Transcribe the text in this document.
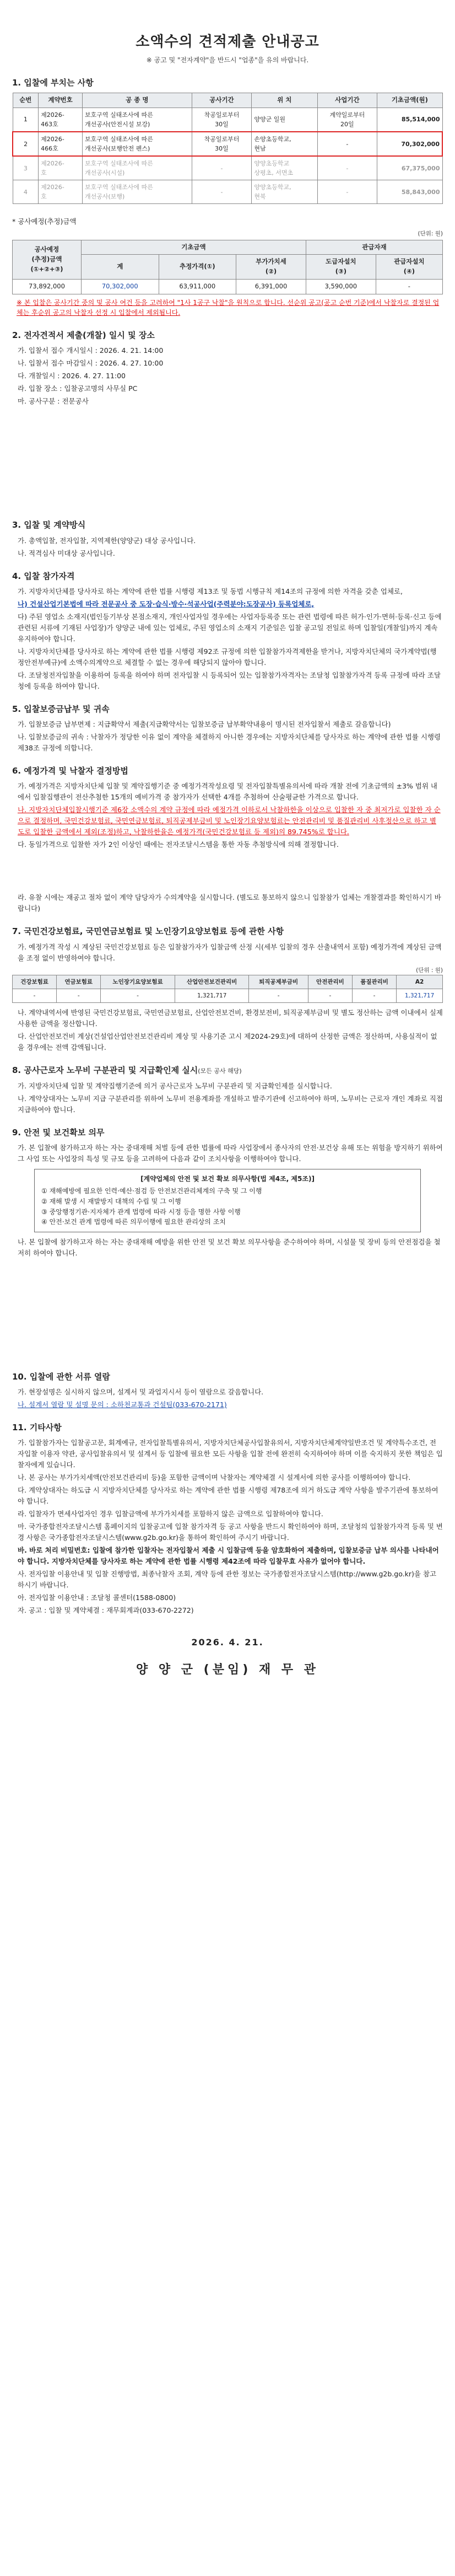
소액수의 견적제출 안내공고
※ 공고 및 "전자계약"을 반드시 "업종"을 유의 바랍니다.
1. 입찰에 부치는 사항
순번	계약번호	공 종 명	공사기간	위 치	사업기간	기초금액(원)
1	제2026-
463호	보호구역 실태조사에 따른
개선공사(안전시설 보강)	착공일로부터
30일	양양군 일원	계약일로부터
20일	85,514,000
2	제2026-
466호	보호구역 실태조사에 따른
개선공사(보행안전 펜스)	착공일로부터
30일	손양초등학교,
현남	-	70,302,000
3	제2026-
호	보호구역 실태조사에 따른
개선공사(시설)	-	양양초등학교
상평초, 서면초	-	67,375,000
4	제2026-
호	보호구역 실태조사에 따른
개선공사(보행)	-	양양초등학교,
현북	-	58,843,000
* 공사예정(추정)금액
(단위: 원)
공사예정
(추정)금액
(①+②+③)	기초금액			관급자재	
	계	추정가격(①)	부가가치세
(②)	도급자설치
(③)	관급자설치
(④)
73,892,000	70,302,000	63,911,000	6,391,000	3,590,000	-
※ 본 입찰은 공사기간 중의 및 공사 여건 등을 고려하여 "1사 1공구 낙찰"을 원칙으로 합니다. 선순위 공고(공고 순번 기준)에서 낙찰자로 결정된 업체는 후순위 공고의 낙찰자 선정 시 입찰에서 제외됩니다.
2. 전자견적서 제출(개찰) 일시 및 장소
가. 입찰서 접수 개시일시 : 2026. 4. 21. 14:00
나. 입찰서 접수 마감일시 : 2026. 4. 27. 10:00
다. 개찰일시 : 2026. 4. 27. 11:00
라. 입찰 장소 : 입찰공고명의 사무실 PC
마. 공사구분 : 전문공사
3. 입찰 및 계약방식
가. 총액입찰, 전자입찰, 지역제한(양양군) 대상 공사입니다.
나. 적격심사 미대상 공사입니다.
4. 입찰 참가자격
가. 지방자치단체를 당사자로 하는 계약에 관한 법률 시행령 제13조 및 동법 시행규칙 제14조의 규정에 의한 자격을 갖춘 업체로,
나) 건설산업기본법에 따라 전문공사 중 도장·습식·방수·석공사업(주력분야:도장공사) 등록업체로,
다) 주된 영업소 소재지(법인등기부상 본점소재지, 개인사업자일 경우에는 사업자등록증 또는 관련 법령에 따른 허가·인가·면허·등록·신고 등에 관련된 서류에 기재된 사업장)가 양양군 내에 있는 업체로, 주된 영업소의 소재지 기준일은 입찰 공고일 전일로 하며 입찰일(개찰일)까지 계속 유지하여야 합니다.
나. 지방자치단체를 당사자로 하는 계약에 관한 법률 시행령 제92조 규정에 의한 입찰참가자격제한을 받거나, 지방자치단체의 국가계약법(행정안전부예규)에 소액수의계약으로 체결할 수 없는 경우에 해당되지 않아야 합니다.
다. 조달청전자입찰을 이용하여 등록을 하여야 하며 전자입찰 시 등록되어 있는 입찰참가자격자는 조달청 입찰참가자격 등록 규정에 따라 조달청에 등록을 하여야 합니다.
5. 입찰보증금납부 및 귀속
가. 입찰보증금 납부면제 : 지급확약서 제출(지급확약서는 입찰보증금 납부확약내용이 명시된 전자입찰서 제출로 갈음합니다)
나. 입찰보증금의 귀속 : 낙찰자가 정당한 이유 없이 계약을 체결하지 아니한 경우에는 지방자치단체를 당사자로 하는 계약에 관한 법률 시행령 제38조 규정에 의합니다.
6. 예정가격 및 낙찰자 결정방법
가. 예정가격은 지방자치단체 입찰 및 계약집행기준 중 예정가격작성요령 및 전자입찰특별유의서에 따라 개찰 전에 기초금액의 ±3% 범위 내에서 입찰집행관이 전산추첨한 15개의 예비가격 중 참가자가 선택한 4개를 추첨하여 산술평균한 가격으로 합니다.
나. 지방자치단체입찰시행기준 제6장 소액수의 계약 규정에 따라 예정가격 이하로서 낙찰하한율 이상으로 입찰한 자 중 최저가로 입찰한 자 순으로 결정하며, 국민건강보험료, 국민연금보험료, 퇴직공제부금비 및 노인장기요양보험료는 안전관리비 및 품질관리비 사후정산으로 하고 별도로 입찰한 금액에서 제외(조정)하고, 낙찰하한율은 예정가격(국민건강보험료 등 제외)의 89.745%로 합니다.
다. 동일가격으로 입찰한 자가 2인 이상인 때에는 전자조달시스템을 통한 자동 추첨방식에 의해 결정합니다.
라. 유찰 시에는 재공고 절차 없이 계약 담당자가 수의계약을 실시합니다. (별도로 통보하지 않으니 입찰참가 업체는 개찰결과를 확인하시기 바랍니다)
7. 국민건강보험료, 국민연금보험료 및 노인장기요양보험료 등에 관한 사항
가. 예정가격 작성 시 계상된 국민건강보험료 등은 입찰참가자가 입찰금액 산정 시(세부 입찰의 경우 산출내역서 포함) 예정가격에 계상된 금액을 조정 없이 반영하여야 합니다.
(단위 : 원)
건강보험료	연금보험료	노인장기요양보험료	산업안전보건관리비	퇴직공제부금비	안전관리비	품질관리비	A2
-	-	-	1,321,717	-	-	-	1,321,717
나. 계약내역서에 반영된 국민건강보험료, 국민연금보험료, 산업안전보건비, 환경보전비, 퇴직공제부금비 및 별도 정산하는 금액 이내에서 실제 사용한 금액을 정산합니다.
다. 산업안전보건비 계상(건설업산업안전보건관리비 계상 및 사용기준 고시 제2024-29호)에 대하여 산정한 금액은 정산하며, 사용실적이 없을 경우에는 전액 감액됩니다.
8. 공사근로자 노무비 구분관리 및 지급확인제 실시(모든 공사 해당)
가. 지방자치단체 입찰 및 계약집행기준에 의거 공사근로자 노무비 구분관리 및 지급확인제를 실시합니다.
나. 계약상대자는 노무비 지급 구분관리를 위하여 노무비 전용계좌를 개설하고 발주기관에 신고하여야 하며, 노무비는 근로자 개인 계좌로 직접 지급하여야 합니다.
9. 안전 및 보건확보 의무
가. 본 입찰에 참가하고자 하는 자는 중대재해 처벌 등에 관한 법률에 따라 사업장에서 종사자의 안전·보건상 유해 또는 위험을 방지하기 위하여 그 사업 또는 사업장의 특성 및 규모 등을 고려하여 다음과 같이 조치사항을 이행하여야 합니다.
[계약업체의 안전 및 보건 확보 의무사항(법 제4조, 제5조)]
① 재해예방에 필요한 인력·예산·점검 등 안전보건관리체계의 구축 및 그 이행
② 재해 발생 시 재발방지 대책의 수립 및 그 이행
③ 중앙행정기관·지자체가 관계 법령에 따라 시정 등을 명한 사항 이행
④ 안전·보건 관계 법령에 따른 의무이행에 필요한 관리상의 조치
나. 본 입찰에 참가하고자 하는 자는 중대재해 예방을 위한 안전 및 보건 확보 의무사항을 준수하여야 하며, 시설물 및 장비 등의 안전점검을 철저히 하여야 합니다.
10. 입찰에 관한 서류 열람
가. 현장설명은 실시하지 않으며, 설계서 및 과업지시서 등이 열람으로 갈음합니다.
나. 설계서 열람 및 설명 문의 : 소하천교통과 건설팀(033-670-2171)
11. 기타사항
가. 입찰참가자는 입찰공고문, 회계예규, 전자입찰특별유의서, 지방자치단체공사입찰유의서, 지방자치단체계약일반조건 및 계약특수조건, 전자입찰 이용자 약관, 공사입찰유의서 및 설계서 등 입찰에 필요한 모든 사항을 입찰 전에 완전히 숙지하여야 하며 이를 숙지하지 못한 책임은 입찰자에게 있습니다.
나. 본 공사는 부가가치세액(안전보건관리비 등)을 포함한 금액이며 낙찰자는 계약체결 시 설계서에 의한 공사를 이행하여야 합니다.
다. 계약상대자는 하도급 시 지방자치단체를 당사자로 하는 계약에 관한 법률 시행령 제78조에 의거 하도급 계약 사항을 발주기관에 통보하여야 합니다.
라. 입찰자가 면세사업자인 경우 입찰금액에 부가가치세를 포함하지 않은 금액으로 입찰하여야 합니다.
마. 국가종합전자조달시스템 홈페이지의 입찰공고에 입찰 참가자격 등 공고 사항을 반드시 확인하여야 하며, 조달청의 입찰참가자격 등록 및 변경 사항은 국가종합전자조달시스템(www.g2b.go.kr)을 통하여 확인하여 주시기 바랍니다.
바. 바로 처리 비밀번호: 입찰에 참가한 입찰자는 전자입찰서 제출 시 입찰금액 등을 암호화하여 제출하며, 입찰보증금 납부 의사를 나타내어야 합니다. 지방자치단체를 당사자로 하는 계약에 관한 법률 시행령 제42조에 따라 입찰무효 사유가 없어야 합니다.
사. 전자입찰 이용안내 및 입찰 진행방법, 최종낙찰자 조회, 계약 등에 관한 정보는 국가종합전자조달시스템(http://www.g2b.go.kr)을 참고하시기 바랍니다.
아. 전자입찰 이용안내 : 조달청 콜센터(1588-0800)
자. 공고 : 입찰 및 계약체결 : 재무회계과(033-670-2272)
2026. 4. 21.
양 양 군 (분임) 재 무 관
